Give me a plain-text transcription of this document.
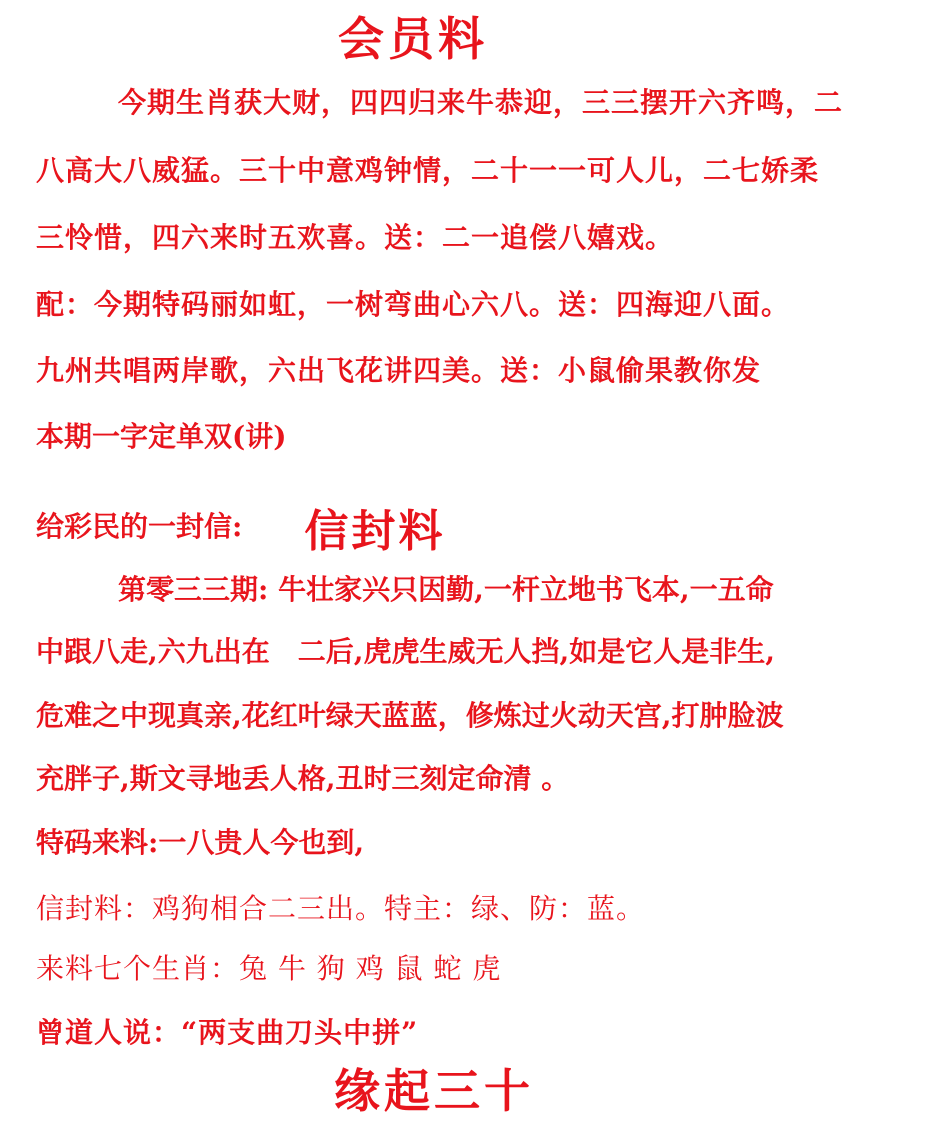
会员料
今期生肖获大财，四四归来牛恭迎，三三摆开六齐鸣，二
八高大八威猛。三十中意鸡钟情，二十一一可人儿，二七娇柔
三怜惜，四六来时五欢喜。送：二一追偿八嬉戏。
配：今期特码丽如虹，一树弯曲心六八。送：四海迎八面。
九州共唱两岸歌，六出飞花讲四美。送：小鼠偷果教你发
本期一字定单双(讲)
给彩民的一封信: 信封料
第零三三期: 牛壮家兴只因勤,一杆立地书飞本,一五命
中跟八走,六九出在　二后,虎虎生威无人挡,如是它人是非生,
危难之中现真亲,花红叶绿天蓝蓝，修炼过火动天宫,打肿脸波
充胖子,斯文寻地丢人格,丑时三刻定命清 。
特码来料:一八贵人今也到,
信封料：鸡狗相合二三出。特主：绿、防：蓝。
来料七个生肖：兔 牛 狗 鸡 鼠 蛇 虎
曾道人说：“两支曲刀头中拼”
缘起三十
